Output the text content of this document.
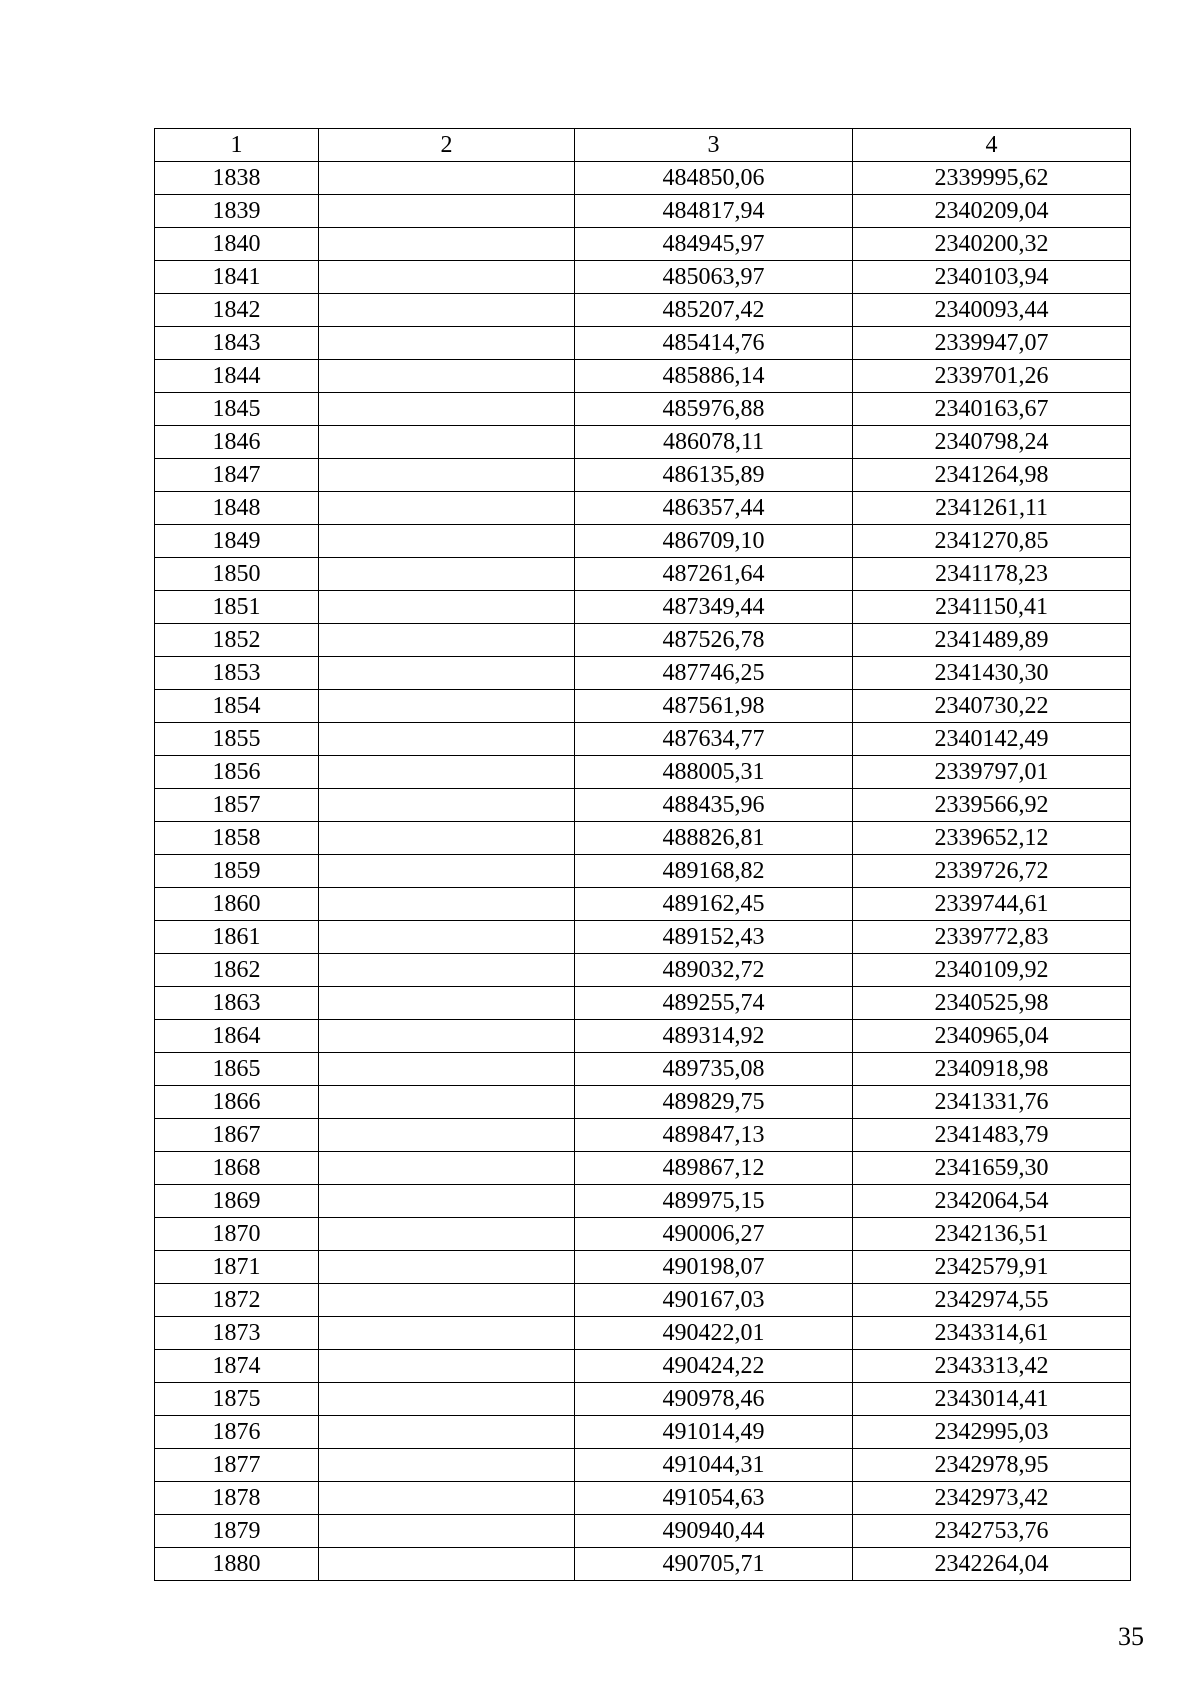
1	2	3	4
1838		484850,06	2339995,62
1839		484817,94	2340209,04
1840		484945,97	2340200,32
1841		485063,97	2340103,94
1842		485207,42	2340093,44
1843		485414,76	2339947,07
1844		485886,14	2339701,26
1845		485976,88	2340163,67
1846		486078,11	2340798,24
1847		486135,89	2341264,98
1848		486357,44	2341261,11
1849		486709,10	2341270,85
1850		487261,64	2341178,23
1851		487349,44	2341150,41
1852		487526,78	2341489,89
1853		487746,25	2341430,30
1854		487561,98	2340730,22
1855		487634,77	2340142,49
1856		488005,31	2339797,01
1857		488435,96	2339566,92
1858		488826,81	2339652,12
1859		489168,82	2339726,72
1860		489162,45	2339744,61
1861		489152,43	2339772,83
1862		489032,72	2340109,92
1863		489255,74	2340525,98
1864		489314,92	2340965,04
1865		489735,08	2340918,98
1866		489829,75	2341331,76
1867		489847,13	2341483,79
1868		489867,12	2341659,30
1869		489975,15	2342064,54
1870		490006,27	2342136,51
1871		490198,07	2342579,91
1872		490167,03	2342974,55
1873		490422,01	2343314,61
1874		490424,22	2343313,42
1875		490978,46	2343014,41
1876		491014,49	2342995,03
1877		491044,31	2342978,95
1878		491054,63	2342973,42
1879		490940,44	2342753,76
1880		490705,71	2342264,04
35
